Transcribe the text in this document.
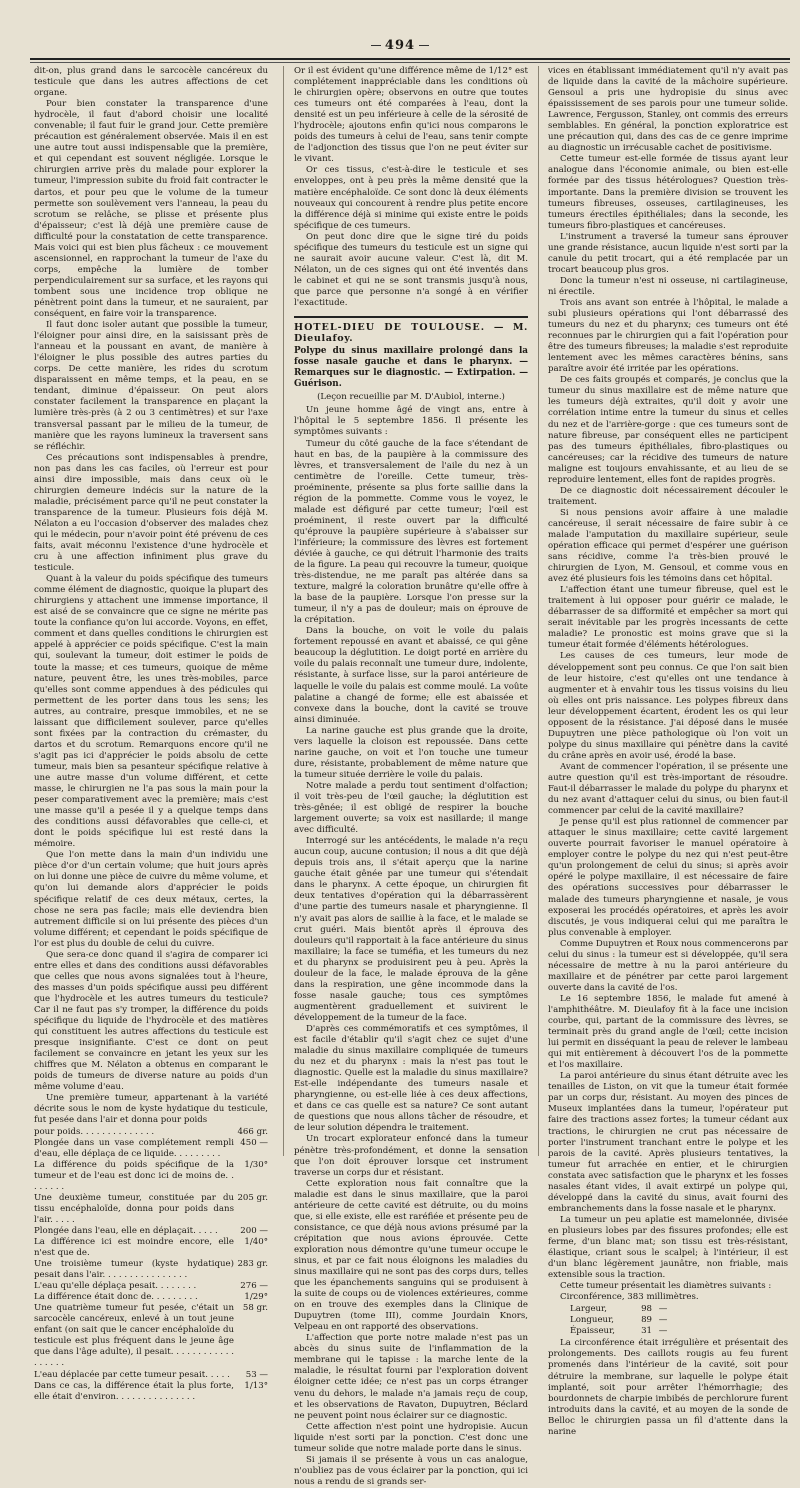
494

dit-on, plus grand dans le sarcocèle cancéreux du testicule que dans les autres affections de cet organe.

Pour bien constater la transparence d'une hydrocèle, il faut d'abord choisir une localité convenable; il faut fuir le grand jour. Cette première précaution est généralement observée. Mais il en est une autre tout aussi indispensable que la première, et qui cependant est souvent négligée. Lorsque le chirurgien arrive près du malade pour explorer la tumeur, l'impression subite du froid fait contracter le dartos, et pour peu que le volume de la tumeur permette son soulèvement vers l'anneau, la peau du scrotum se relâche, se plisse et présente plus d'épaisseur; c'est là déjà une première cause de difficulté pour la constatation de cette transparence. Mais voici qui est bien plus fâcheux : ce mouvement ascensionnel, en rapprochant la tumeur de l'axe du corps, empêche la lumière de tomber perpendiculairement sur sa surface, et les rayons qui tombent sous une incidence trop oblique ne pénètrent point dans la tumeur, et ne sauraient, par conséquent, en faire voir la transparence.

Il faut donc isoler autant que possible la tumeur, l'éloigner pour ainsi dire, en la saisissant près de l'anneau et la poussant en avant, de manière à l'éloigner le plus possible des autres parties du corps. De cette manière, les rides du scrotum disparaissent en même temps, et la peau, en se tendant, diminue d'épaisseur. On peut alors constater facilement la transparence en plaçant la lumière très-près (à 2 ou 3 centimètres) et sur l'axe transversal passant par le milieu de la tumeur, de manière que les rayons lumineux la traversent sans se réfléchir.

Ces précautions sont indispensables à prendre, non pas dans les cas faciles, où l'erreur est pour ainsi dire impossible, mais dans ceux où le chirurgien demeure indécis sur la nature de la maladie, précisément parce qu'il ne peut constater la transparence de la tumeur. Plusieurs fois déjà M. Nélaton a eu l'occasion d'observer des malades chez qui le médecin, pour n'avoir point été prévenu de ces faits, avait méconnu l'existence d'une hydrocèle et cru à une affection infiniment plus grave du testicule.

Quant à la valeur du poids spécifique des tumeurs comme élément de diagnostic, quoique la plupart des chirurgiens y attachent une immense importance, il est aisé de se convaincre que ce signe ne mérite pas toute la confiance qu'on lui accorde. Voyons, en effet, comment et dans quelles conditions le chirurgien est appelé à apprécier ce poids spécifique. C'est la main qui, soulevant la tumeur, doit estimer le poids de toute la masse; et ces tumeurs, quoique de même nature, peuvent être, les unes très-mobiles, parce qu'elles sont comme appendues à des pédicules qui permettent de les porter dans tous les sens; les autres, au contraire, presque immobiles, et ne se laissant que difficilement soulever, parce qu'elles sont fixées par la contraction du crémaster, du dartos et du scrotum. Remarquons encore qu'il ne s'agit pas ici d'apprécier le poids absolu de cette tumeur, mais bien sa pesanteur spécifique relative à une autre masse d'un volume différent, et cette masse, le chirurgien ne l'a pas sous la main pour la peser comparativement avec la première; mais c'est une masse qu'il a pesée il y a quelque temps dans des conditions aussi défavorables que celle-ci, et dont le poids spécifique lui est resté dans la mémoire.

Que l'on mette dans la main d'un individu une pièce d'or d'un certain volume; que huit jours après on lui donne une pièce de cuivre du même volume, et qu'on lui demande alors d'apprécier le poids spécifique relatif de ces deux métaux, certes, la chose ne sera pas facile; mais elle deviendra bien autrement difficile si on lui présente des pièces d'un volume différent; et cependant le poids spécifique de l'or est plus du double de celui du cuivre.

Que sera-ce donc quand il s'agira de comparer ici entre elles et dans des conditions aussi défavorables que celles que nous avons signalées tout à l'heure, des masses d'un poids spécifique aussi peu différent que l'hydrocèle et les autres tumeurs du testicule? Car il ne faut pas s'y tromper, la différence du poids spécifique du liquide de l'hydrocèle et des matières qui constituent les autres affections du testicule est presque insignifiante. C'est ce dont on peut facilement se convaincre en jetant les yeux sur les chiffres que M. Nélaton a obtenus en comparant le poids de tumeurs de diverse nature au poids d'un même volume d'eau.

Une première tumeur, appartenant à la variété décrite sous le nom de kyste hydatique du testicule, fut pesée dans l'air et donna pour poids

pour poids. . . . . . . . . . . . . .	466 gr.
Plongée dans un vase complétement rempli d'eau, elle déplaça de ce liquide. . . . . . . . .
450 —
La différence du poids spécifique de la tumeur et de l'eau est donc ici de moins de. . . . . . . .
1/30°
Une deuxième tumeur, constituée par du tissu encéphaloïde, donna pour poids dans l'air. . . . .
205 gr.
Plongée dans l'eau, elle en déplaçait. . . . .	200 —
La différence ici est moindre encore, elle n'est que de.
1/40°
Une troisième tumeur (kyste hydatique) pesait dans l'air. . . . . . . . . . . . . . . .
283 gr.
L'eau qu'elle déplaça pesait. . . . . . . .	276 —
La différence était donc de. . . . . . . . .	1/29°
Une quatrième tumeur fut pesée, c'était un sarcocèle cancéreux, enlevé à un tout jeune enfant (on sait que le cancer encéphaloïde du testicule est plus fréquent dans le jeune âge que dans l'âge adulte), il pesait. . . . . . . . . . . . . . . . . .
58 gr.
L'eau déplacée par cette tumeur pesait. . . . .	53 —
Dans ce cas, la différence était la plus forte, elle était d'environ. . . . . . . . . . . . . . .
1/13°

Or il est évident qu'une différence même de 1/12° est complétement inappréciable dans les conditions où le chirurgien opère; observons en outre que toutes ces tumeurs ont été comparées à l'eau, dont la densité est un peu inférieure à celle de la sérosité de l'hydrocèle; ajoutons enfin qu'ici nous comparons le poids des tumeurs à celui de l'eau, sans tenir compte de l'adjonction des tissus que l'on ne peut éviter sur le vivant.

Or ces tissus, c'est-à-dire le testicule et ses enveloppes, ont à peu près la même densité que la matière encéphaloïde. Ce sont donc là deux éléments nouveaux qui concourent à rendre plus petite encore la différence déjà si minime qui existe entre le poids spécifique de ces tumeurs.

On peut donc dire que le signe tiré du poids spécifique des tumeurs du testicule est un signe qui ne saurait avoir aucune valeur. C'est là, dit M. Nélaton, un de ces signes qui ont été inventés dans le cabinet et qui ne se sont transmis jusqu'à nous, que parce que personne n'a songé à en vérifier l'exactitude.

HOTEL-DIEU DE TOULOUSE. — M. Dieulafoy.

Polype du sinus maxillaire prolongé dans la fosse nasale gauche et dans le pharynx. — Remarques sur le diagnostic. — Extirpation. — Guérison.

(Leçon recueillie par M. D'Aubiol, interne.)

Un jeune homme âgé de vingt ans, entre à l'hôpital le 5 septembre 1856. Il présente les symptômes suivants :

Tumeur du côté gauche de la face s'étendant de haut en bas, de la paupière à la commissure des lèvres, et transversalement de l'aile du nez à un centimètre de l'oreille. Cette tumeur, très-proéminente, présente sa plus forte saillie dans la région de la pommette. Comme vous le voyez, le malade est défiguré par cette tumeur; l'œil est proéminent, il reste ouvert par la difficulté qu'éprouve la paupière supérieure à s'abaisser sur l'inférieure; la commissure des lèvres est fortement déviée à gauche, ce qui détruit l'harmonie des traits de la figure. La peau qui recouvre la tumeur, quoique très-distendue, ne me paraît pas altérée dans sa texture, malgré la coloration brunâtre qu'elle offre à la base de la paupière. Lorsque l'on presse sur la tumeur, il n'y a pas de douleur; mais on éprouve de la crépitation.

Dans la bouche, on voit le voile du palais fortement repoussé en avant et abaissé, ce qui gêne beaucoup la déglutition. Le doigt porté en arrière du voile du palais reconnaît une tumeur dure, indolente, résistante, à surface lisse, sur la paroi antérieure de laquelle le voile du palais est comme moulé. La voûte palatine a changé de forme; elle est abaissée et convexe dans la bouche, dont la cavité se trouve ainsi diminuée.

La narine gauche est plus grande que la droite, vers laquelle la cloison est repoussée. Dans cette narine gauche, on voit et l'on touche une tumeur dure, résistante, probablement de même nature que la tumeur située derrière le voile du palais.

Notre malade a perdu tout sentiment d'olfaction; il voit très-peu de l'œil gauche; la déglutition est très-gênée; il est obligé de respirer la bouche largement ouverte; sa voix est nasillarde; il mange avec difficulté.

Interrogé sur les antécédents, le malade n'a reçu aucun coup, aucune contusion; il nous a dit que déjà depuis trois ans, il s'était aperçu que la narine gauche était gênée par une tumeur qui s'étendait dans le pharynx. A cette époque, un chirurgien fit deux tentatives d'opération qui la débarrassèrent d'une partie des tumeurs nasale et pharyngienne. Il n'y avait pas alors de saillie à la face, et le malade se crut guéri. Mais bientôt après il éprouva des douleurs qu'il rapportait à la face antérieure du sinus maxillaire; la face se tuméfia, et les tumeurs du nez et du pharynx se produisirent peu à peu. Après la douleur de la face, le malade éprouva de la gêne dans la respiration, une gêne incommode dans la fosse nasale gauche; tous ces symptômes augmentèrent graduellement et suivirent le développement de la tumeur de la face.

D'après ces commémoratifs et ces symptômes, il est facile d'établir qu'il s'agit chez ce sujet d'une maladie du sinus maxillaire compliquée de tumeurs du nez et du pharynx : mais la n'est pas tout le diagnostic. Quelle est la maladie du sinus maxillaire? Est-elle indépendante des tumeurs nasale et pharyngienne, ou est-elle liée à ces deux affections, et dans ce cas quelle est sa nature? Ce sont autant de questions que nous allons tâcher de résoudre, et de leur solution dépendra le traitement.

Un trocart explorateur enfoncé dans la tumeur pénètre très-profondément, et donne la sensation que l'on doit éprouver lorsque cet instrument traverse un corps dur et résistant.

Cette exploration nous fait connaître que la maladie est dans le sinus maxillaire, que la paroi antérieure de cette cavité est détruite, ou du moins que, si elle existe, elle est raréfiée et présente peu de consistance, ce que déjà nous avions présumé par la crépitation que nous avions éprouvée. Cette exploration nous démontre qu'une tumeur occupe le sinus, et par ce fait nous éloignons les maladies du sinus maxillaire qui ne sont pas des corps durs, telles que les épanchements sanguins qui se produisent à la suite de coups ou de violences extérieures, comme on en trouve des exemples dans la Clinique de Dupuytren (tome III), comme Jourdain Knors, Velpeau en ont rapporté des observations.

L'affection que porte notre malade n'est pas un abcès du sinus suite de l'inflammation de la membrane qui le tapisse : la marche lente de la maladie, le résultat fourni par l'exploration doivent éloigner cette idée; ce n'est pas un corps étranger venu du dehors, le malade n'a jamais reçu de coup, et les observations de Ravaton, Dupuytren, Béclard ne peuvent point nous éclairer sur ce diagnostic.

Cette affection n'est point une hydropisie. Aucun liquide n'est sorti par la ponction. C'est donc une tumeur solide que notre malade porte dans le sinus.

Si jamais il se présente à vous un cas analogue, n'oubliez pas de vous éclairer par la ponction, qui ici nous a rendu de si grands ser-

vices en établissant immédiatement qu'il n'y avait pas de liquide dans la cavité de la mâchoire supérieure. Gensoul a pris une hydropisie du sinus avec épaississement de ses parois pour une tumeur solide. Lawrence, Fergusson, Stanley, ont commis des erreurs semblables. En général, la ponction exploratrice est une précaution qui, dans des cas de ce genre imprime au diagnostic un irrécusable cachet de positivisme.

Cette tumeur est-elle formée de tissus ayant leur analogue dans l'économie animale, ou bien est-elle formée par des tissus hétérologues? Question très-importante. Dans la première division se trouvent les tumeurs fibreuses, osseuses, cartilagineuses, les tumeurs érectiles épithéliales; dans la seconde, les tumeurs fibro-plastiques et cancéreuses.

L'instrument a traversé la tumeur sans éprouver une grande résistance, aucun liquide n'est sorti par la canule du petit trocart, qui a été remplacée par un trocart beaucoup plus gros.

Donc la tumeur n'est ni osseuse, ni cartilagineuse, ni érectile.

Trois ans avant son entrée à l'hôpital, le malade a subi plusieurs opérations qui l'ont débarrassé des tumeurs du nez et du pharynx; ces tumeurs ont été reconnues par le chirurgien qui a fait l'opération pour être des tumeurs fibreuses; la maladie s'est reproduite lentement avec les mêmes caractères bénins, sans paraître avoir été irritée par les opérations.

De ces faits groupés et comparés, je conclus que la tumeur du sinus maxillaire est de même nature que les tumeurs déjà extraites, qu'il doit y avoir une corrélation intime entre la tumeur du sinus et celles du nez et de l'arrière-gorge : que ces tumeurs sont de nature fibreuse, par conséquent elles ne participent pas des tumeurs épithéliales, fibro-plastiques ou cancéreuses; car la récidive des tumeurs de nature maligne est toujours envahissante, et au lieu de se reproduire lentement, elles font de rapides progrès.

De ce diagnostic doit nécessairement découler le traitement.

Si nous pensions avoir affaire à une maladie cancéreuse, il serait nécessaire de faire subir à ce malade l'amputation du maxillaire supérieur, seule opération efficace qui permet d'espérer une guérison sans récidive, comme l'a très-bien prouvé le chirurgien de Lyon, M. Gensoul, et comme vous en avez été plusieurs fois les témoins dans cet hôpital.

L'affection étant une tumeur fibreuse, quel est le traitement à lui opposer pour guérir ce malade, le débarrasser de sa difformité et empêcher sa mort qui serait inévitable par les progrès incessants de cette maladie? Le pronostic est moins grave que si la tumeur était formée d'éléments hétérologues.

Les causes de ces tumeurs, leur mode de développement sont peu connus. Ce que l'on sait bien de leur histoire, c'est qu'elles ont une tendance à augmenter et à envahir tous les tissus voisins du lieu où elles ont pris naissance. Les polypes fibreux dans leur développement écartent, érodent les os qui leur opposent de la résistance. J'ai déposé dans le musée Dupuytren une pièce pathologique où l'on voit un polype du sinus maxillaire qui pénètre dans la cavité du crâne après en avoir usé, érodé la base.

Avant de commencer l'opération, il se présente une autre question qu'il est très-important de résoudre. Faut-il débarrasser le malade du polype du pharynx et du nez avant d'attaquer celui du sinus, ou bien faut-il commencer par celui de la cavité maxillaire?

Je pense qu'il est plus rationnel de commencer par attaquer le sinus maxillaire; cette cavité largement ouverte pourrait favoriser le manuel opératoire à employer contre le polype du nez qui n'est peut-être qu'un prolongement de celui du sinus; si après avoir opéré le polype maxillaire, il est nécessaire de faire des opérations successives pour débarrasser le malade des tumeurs pharyngienne et nasale, je vous exposerai les procédés opératoires, et après les avoir discutés, je vous indiquerai celui qui me paraîtra le plus convenable à employer.

Comme Dupuytren et Roux nous commencerons par celui du sinus : la tumeur est si développée, qu'il sera nécessaire de mettre à nu la paroi antérieure du maxillaire et de pénétrer par cette paroi largement ouverte dans la cavité de l'os.

Le 16 septembre 1856, le malade fut amené à l'amphithéâtre. M. Dieulafoy fit à la face une incision courbe, qui, partant de la commissure des lèvres, se terminait près du grand angle de l'œil; cette incision lui permit en disséquant la peau de relever le lambeau qui mit entièrement à découvert l'os de la pommette et l'os maxillaire.

La paroi antérieure du sinus étant détruite avec les tenailles de Liston, on vit que la tumeur était formée par un corps dur, résistant. Au moyen des pinces de Museux implantées dans la tumeur, l'opérateur put faire des tractions assez fortes; la tumeur cédant aux tractions, le chirurgien ne crut pas nécessaire de porter l'instrument tranchant entre le polype et les parois de la cavité. Après plusieurs tentatives, la tumeur fut arrachée en entier, et le chirurgien constata avec satisfaction que le pharynx et les fosses nasales étant vides, il avait extirpé un polype qui, développé dans la cavité du sinus, avait fourni des embranchements dans la fosse nasale et le pharynx.

La tumeur un peu aplatie est mamelonnée, divisée en plusieurs lobes par des fissures profondes; elle est ferme, d'un blanc mat; son tissu est très-résistant, élastique, criant sous le scalpel; à l'intérieur, il est d'un blanc légèrement jaunâtre, non friable, mais extensible sous la traction.

Cette tumeur présentait les diamètres suivants :

Circonférence, 383 millimètres.

Largeur,	98 —
Longueur,	89 —
Épaisseur,	31 —

La circonférence était irrégulière et présentait des prolongements. Des caillots rougis au feu furent promenés dans l'intérieur de la cavité, soit pour détruire la membrane, sur laquelle le polype était implanté, soit pour arrêter l'hémorrhagie; des bourdonnets de charpie imbibés de perchlorure furent introduits dans la cavité, et au moyen de la sonde de Belloc le chirurgien passa un fil d'attente dans la narine
